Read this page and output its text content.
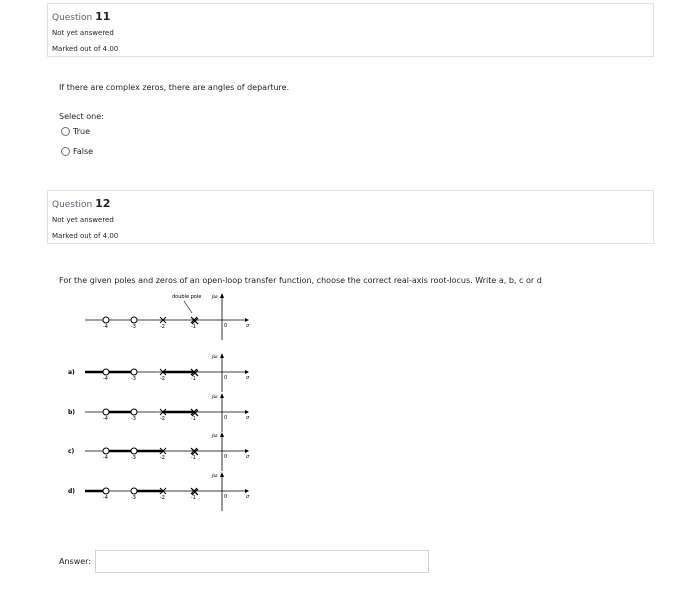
Question 11
Not yet answered
Marked out of 4.00
If there are complex zeros, there are angles of departure.
Select one:
True
False
Question 12
Not yet answered
Marked out of 4.00
For the given poles and zeros of an open-loop transfer function, choose the correct real-axis root-locus. Write a, b, c or d
double pole jω
0	σ
-4	-3	-2	-1
a)
jω
0	σ
-4	-3	-2	-1
b)
jω
0	σ
-4	-3	-2	-1
c)
jω
0	σ
-4	-3	-2	-1
d)
jω
0	σ
-4	-3	-2	-1
Answer:
